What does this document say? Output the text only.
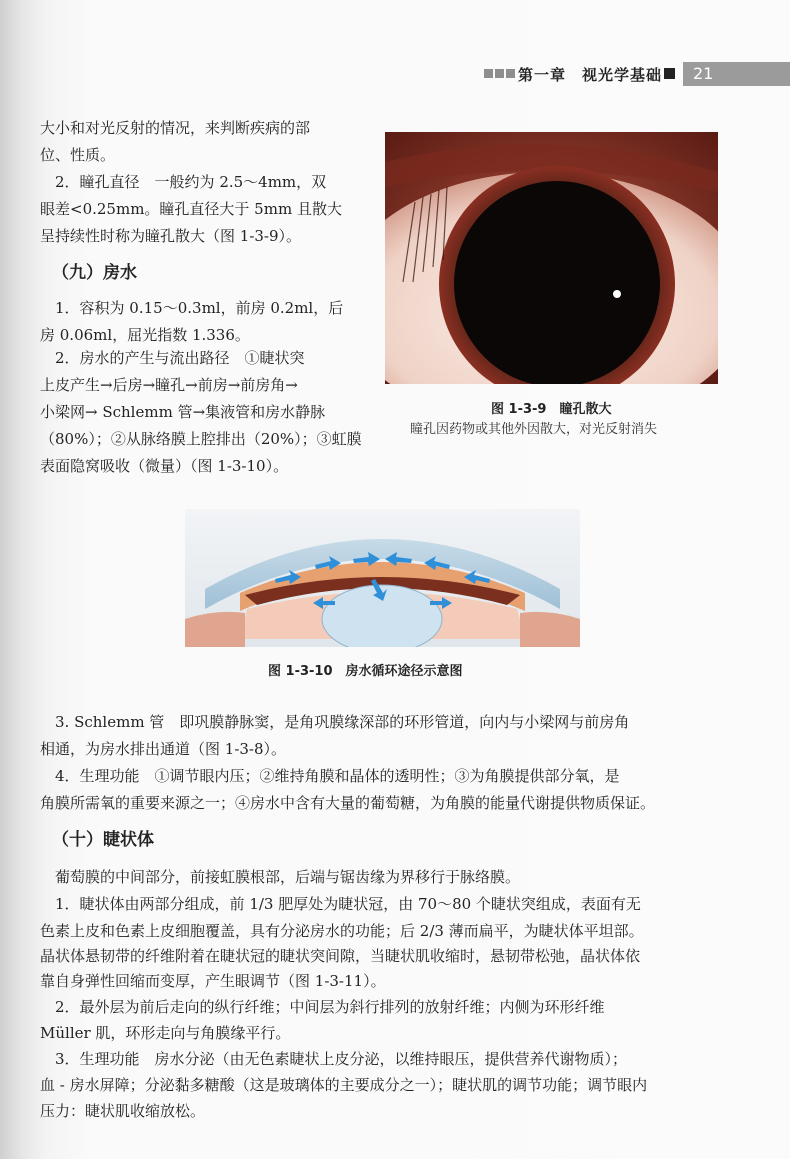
第一章　视光学基础 21
大小和对光反射的情况，来判断疾病的部
位、性质。
　2．瞳孔直径　一般约为 2.5～4mm，双
眼差<0.25mm。瞳孔直径大于 5mm 且散大
呈持续性时称为瞳孔散大（图 1-3-9）。
（九）房水
　1．容积为 0.15～0.3ml，前房 0.2ml，后
房 0.06ml，屈光指数 1.336。
　2．房水的产生与流出路径　①睫状突
上皮产生→后房→瞳孔→前房→前房角→
小梁网→ Schlemm 管→集液管和房水静脉
（80%）；②从脉络膜上腔排出（20%）；③虹膜
表面隐窝吸收（微量）（图 1-3-10）。
图 1-3-9　瞳孔散大
瞳孔因药物或其他外因散大，对光反射消失
图 1-3-10　房水循环途径示意图
　3. Schlemm 管　即巩膜静脉窦，是角巩膜缘深部的环形管道，向内与小梁网与前房角
相通，为房水排出通道（图 1-3-8）。
　4．生理功能　①调节眼内压；②维持角膜和晶体的透明性；③为角膜提供部分氧，是
角膜所需氧的重要来源之一；④房水中含有大量的葡萄糖，为角膜的能量代谢提供物质保证。
（十）睫状体
　葡萄膜的中间部分，前接虹膜根部，后端与锯齿缘为界移行于脉络膜。
　1．睫状体由两部分组成，前 1/3 肥厚处为睫状冠，由 70～80 个睫状突组成，表面有无
色素上皮和色素上皮细胞覆盖，具有分泌房水的功能；后 2/3 薄而扁平，为睫状体平坦部。
晶状体悬韧带的纤维附着在睫状冠的睫状突间隙，当睫状肌收缩时，悬韧带松弛，晶状体依
靠自身弹性回缩而变厚，产生眼调节（图 1-3-11）。
　2．最外层为前后走向的纵行纤维；中间层为斜行排列的放射纤维；内侧为环形纤维
Müller 肌，环形走向与角膜缘平行。
　3．生理功能　房水分泌（由无色素睫状上皮分泌，以维持眼压，提供营养代谢物质）；
血 - 房水屏障；分泌黏多糖酸（这是玻璃体的主要成分之一）；睫状肌的调节功能；调节眼内
压力：睫状肌收缩放松。
